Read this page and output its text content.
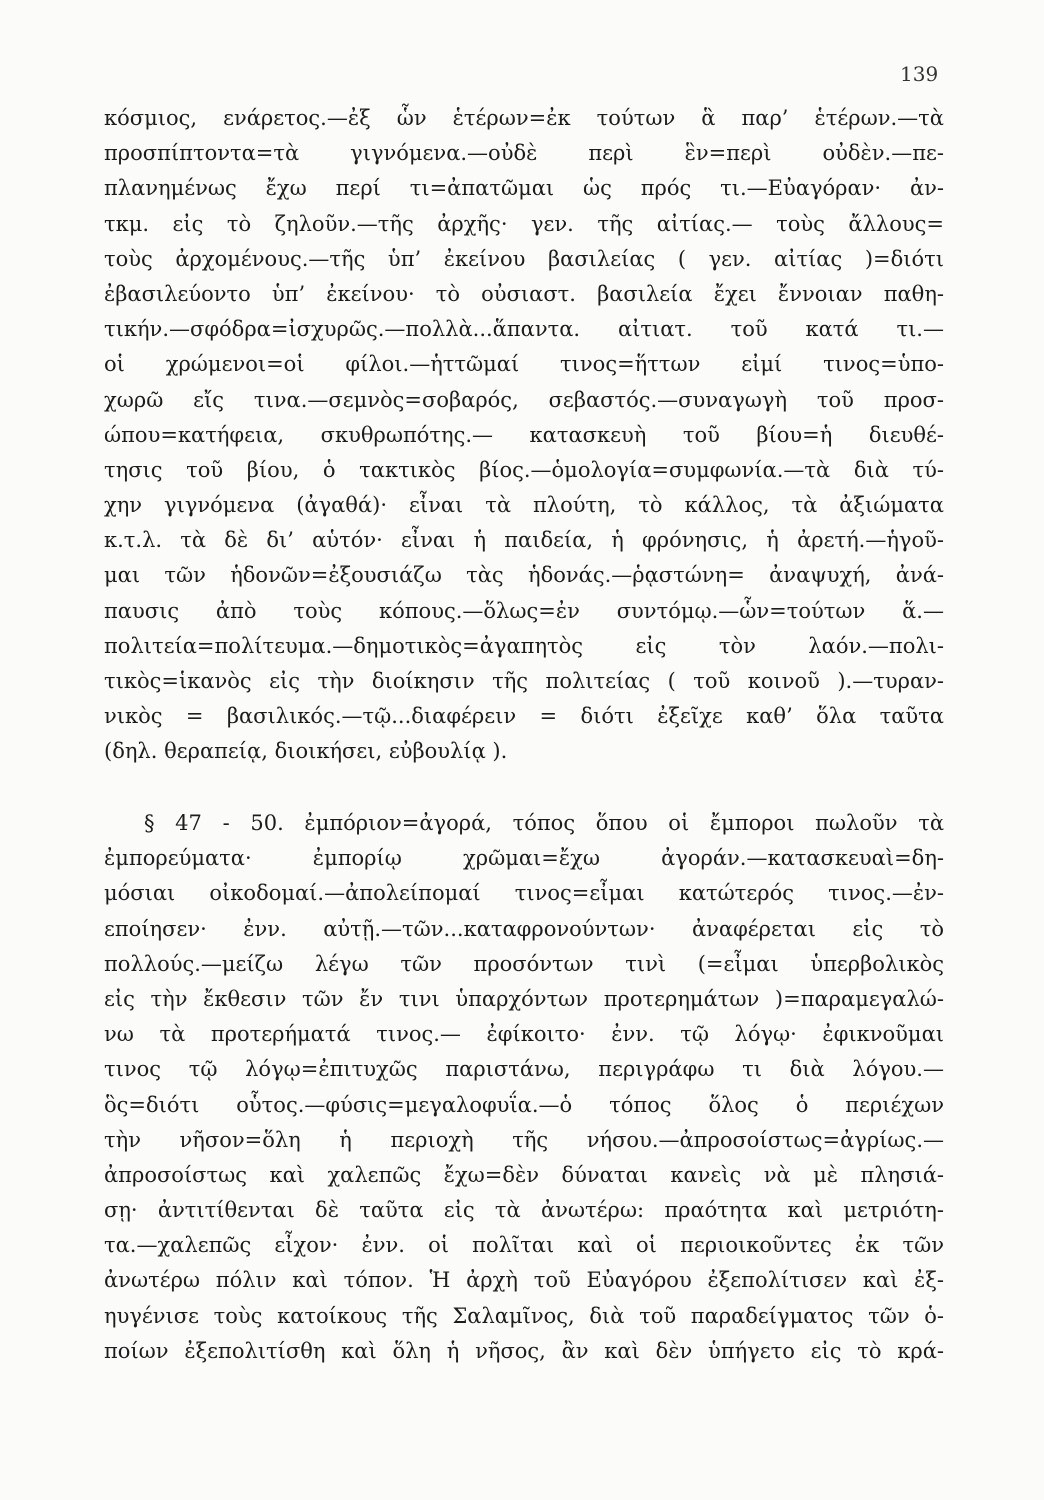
139
κόσμιος, ενάρετος.—ἐξ ὧν ἑτέρων=ἐκ τούτων ἃ παρ’ ἑτέρων.—τὰ
προσπίπτοντα=τὰ γιγνόμενα.—οὐδὲ περὶ ἓν=περὶ οὐδὲν.—πε-
πλανημένως ἔχω περί τι=ἀπατῶμαι ὡς πρός τι.—Εὐαγόραν· ἀν-
τκμ. εἰς τὸ ζηλοῦν.—τῆς ἀρχῆς· γεν. τῆς αἰτίας.— τοὺς ἄλλους=
τοὺς ἀρχομένους.—τῆς ὑπ’ ἐκείνου βασιλείας ( γεν. αἰτίας )=διότι
ἐβασιλεύοντο ὑπ’ ἐκείνου· τὸ οὐσιαστ. βασιλεία ἔχει ἔννοιαν παθη-
τικήν.—σφόδρα=ἰσχυρῶς.—πολλὰ...ἅπαντα. αἰτιατ. τοῦ κατά τι.—
οἱ χρώμενοι=οἱ φίλοι.—ἡττῶμαί τινος=ἥττων εἰμί τινος=ὑπο-
χωρῶ εἴς τινα.—σεμνὸς=σοβαρός, σεβαστός.—συναγωγὴ τοῦ προσ-
ώπου=κατήφεια, σκυθρωπότης.— κατασκευὴ τοῦ βίου=ἡ διευθέ-
τησις τοῦ βίου, ὁ τακτικὸς βίος.—ὁμολογία=συμφωνία.—τὰ διὰ τύ-
χην γιγνόμενα (ἀγαθά)· εἶναι τὰ πλούτη, τὸ κάλλος, τὰ ἀξιώματα
κ.τ.λ. τὰ δὲ δι’ αὑτόν· εἶναι ἡ παιδεία, ἡ φρόνησις, ἡ ἀρετή.—ἡγοῦ-
μαι τῶν ἡδονῶν=ἐξουσιάζω τὰς ἡδονάς.—ῥᾳστώνη= ἀναψυχή, ἀνά-
παυσις ἀπὸ τοὺς κόπους.—ὅλως=ἐν συντόμῳ.—ὧν=τούτων ἅ.—
πολιτεία=πολίτευμα.—δημοτικὸς=ἀγαπητὸς εἰς τὸν λαόν.—πολι-
τικὸς=ἱκανὸς εἰς τὴν διοίκησιν τῆς πολιτείας ( τοῦ κοινοῦ ).—τυραν-
νικὸς = βασιλικός.—τῷ...διαφέρειν = διότι ἐξεῖχε καθ’ ὅλα ταῦτα
(δηλ. θεραπείᾳ, διοικήσει, εὐβουλίᾳ ).
§ 47 - 50. ἐμπόριον=ἀγορά, τόπος ὅπου οἱ ἔμποροι πωλοῦν τὰ
ἐμπορεύματα· ἐμπορίῳ χρῶμαι=ἔχω ἀγοράν.—κατασκευαὶ=δη-
μόσιαι οἰκοδομαί.—ἀπολείπομαί τινος=εἶμαι κατώτερός τινος.—ἐν-
εποίησεν· ἐνν. αὐτῇ.—τῶν...καταφρονούντων· ἀναφέρεται εἰς τὸ
πολλούς.—μείζω λέγω τῶν προσόντων τινὶ (=εἶμαι ὑπερβολικὸς
εἰς τὴν ἔκθεσιν τῶν ἔν τινι ὑπαρχόντων προτερημάτων )=παραμεγαλώ-
νω τὰ προτερήματά τινος.— ἐφίκοιτο· ἐνν. τῷ λόγῳ· ἐφικνοῦμαι
τινος τῷ λόγῳ=ἐπιτυχῶς παριστάνω, περιγράφω τι διὰ λόγου.—
ὃς=διότι οὗτος.—φύσις=μεγαλοφυΐα.—ὁ τόπος ὅλος ὁ περιέχων
τὴν νῆσον=ὅλη ἡ περιοχὴ τῆς νήσου.—ἀπροσοίστως=ἀγρίως.—
ἀπροσοίστως καὶ χαλεπῶς ἔχω=δὲν δύναται κανεὶς νὰ μὲ πλησιά-
σῃ· ἀντιτίθενται δὲ ταῦτα εἰς τὰ ἀνωτέρω: πραότητα καὶ μετριότη-
τα.—χαλεπῶς εἶχον· ἐνν. οἱ πολῖται καὶ οἱ περιοικοῦντες ἐκ τῶν
ἀνωτέρω πόλιν καὶ τόπον. Ἡ ἀρχὴ τοῦ Εὐαγόρου ἐξεπολίτισεν καὶ ἐξ-
ηυγένισε τοὺς κατοίκους τῆς Σαλαμῖνος, διὰ τοῦ παραδείγματος τῶν ὁ-
ποίων ἐξεπολιτίσθη καὶ ὅλη ἡ νῆσος, ἂν καὶ δὲν ὑπήγετο εἰς τὸ κρά-
